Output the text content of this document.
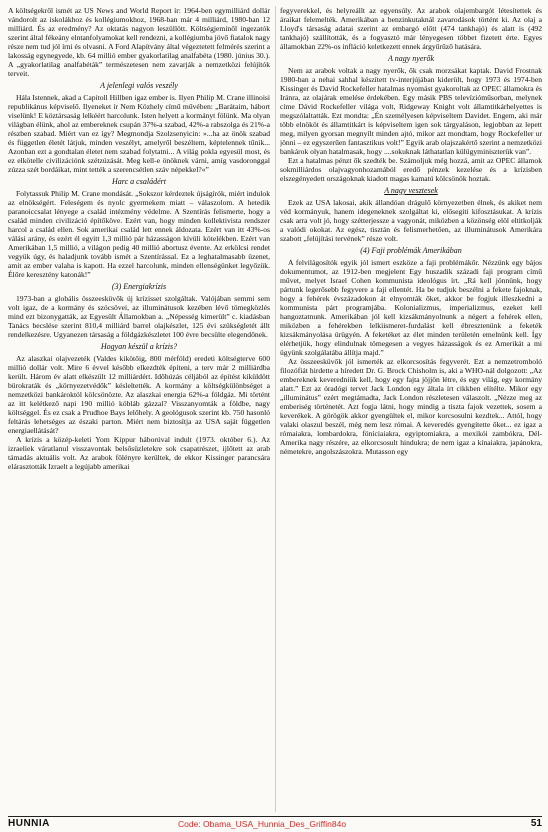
A költségekről ismét az US News and World Report ír: 1964-ben egymilliárd dollár vándorolt az iskolákhoz és kollégiumokhoz, 1968-ban már 4 milliárd, 1980-ban 12 milliárd. És az eredmény? Az oktatás nagyon leszüllött. Költségjeminől ingezatók szerint által fékeány elntanfolyamokat kell rendezni, a kollégiumba jövő fiatalok nagy része nem tud jól írni és olvasni. A Ford Alapítvány által végeztetett felmérés szerint a lakosság egynegyede, kb. 64 millió ember gyakorlatilag analfabéta (1980. június 30.). A „gyakorlatilag analfabéták” természetesen nem zavarják a nemzetközi felújítók terveit.

A jelenlegi valós veszély

Hála Istennek, akad a Capitoll Hillben igaz ember is. Ilyen Philip M. Crane illinoisi republikánus képviselő. Ilyeneket ír Nem Közhely című művében: „Barátaim, hábort viselünk! E köztársaság lelkéért harcolunk. Isten helyett a kormányt fölünk. Ma olyan világban élünk, ahol az embereknek csupán 37%-a szabad, 42%-a rabszolga és 21%-a részben szabad. Miért van ez így? Megmondja Szolzsenyicin: »...ha az önök szabad és független életét látjuk, minden veszélyt, amelyről beszéltem, képtelennek tűnik... Azonban ezt a gondtalan életet nem szabad folytatni... A világ pokla egyesül most, és ez elkötelle civilizációnk szétzúzását. Meg kell-e önöknek várni, amíg vasdoronggal zúzza szét bordáikat, mint tették a szerencsétlen száv népekkel?«”

Harc a családért

Folytassuk Philip M. Crane mondását. „Sokszor kérdeztek újságírók, miért indulok az elnökségért. Feleségem és nyolc gyermekem miatt – válaszolom. A hetedik paranoiccsalat lényege a család intézmény védelme. A Szentírás felismerte, hogy a család minden civilizáció építőköve. Ezért van, hogy minden kollektivista rendszer harcol a család ellen. Sok amerikai család lett ennek áldozata. Ezért van itt 43%-os válási arány, és ezért él egyitt 1,3 millió pár házasságon kívüli kötelékben. Ezért van Amerikában 1,5 millió, a világon pedig 40 millió abortusz évente. Az erkölcsi rendet vegyük úgy, és haladjunk tovább ismét a Szentírással. Ez a leghatalmasabb üzenet, amit az ember valaha is kapott. Ha ezzel harcolunk, minden ellenségünket legyőzük. Élőre keresztény katonák!”

(3) Energiakrízis

1973-ban a globális összeesküvők új krízisset szolgáltak. Valójában semmi sem volt igaz, de a kormány és szócsövei, az illuminátusok kezében lévő tömegközlés mind ezt bizonygatták, az Egyesült Államokban a. „Népesség kimerült” c. kiadásban Tanács becslése szerint 810,4 milliárd barrel olajkészlet, 125 évi szükségletét állt rendelkezésre. Ugyanezen társaság a földgázkészletet 100 évre becsülte elegendőnek.

Hogyan készül a krízis?

Az alaszkai olajvezeték (Valdes kikötőig, 800 mérföld) eredeti költségterve 600 millió dollár volt. Mire 6 évvel később elkezdték építeni, a terv már 2 milliárdba került. Három év alatt elkészült 12 milliárdért. Időhúzás céljából az építést kiküldött bürokraták és „környezetvédők” késleltették. A kormány a költségkülönbséget a nemzetközi bankároktól kölcsönözte. Az alaszkai energia 62%-a földgáz. Mi történt az itt kelétkező napi 190 millió köbláb gázzal? Visszanyomták a földbe, nagy költséggel. És ez csak a Prudhoe Bays lelőhely. A geológusok szerint kb. 750 hasonló feltárás lehetséges az északi parton. Miért nem biztosítja az USA saját független energiaellátását?

A krízis a közép-keleti Yom Kippur háborúval indult (1973. október 6.). Az izraeliek váratlanul visszavontak belsősüzletekre sok csapatrészet, ijlőtett az arab támadás aktuális volt. Az arabok fölényre kerültek, de ekkor Kissinger parancsára elárasztották Izraelt a legújabb amerikai

fegyverekkel, és helyreállt az egyensúly. Az arabok olajembargót létesítettek és áraikat felemelték. Amerikában a benzinkutaknál zavarodások történt ki. Az olaj a Lloyd's társaság adatai szerint az embargó előtt (474 tankhajó) és alatt is (492 tankhajó) szállították, és a fogyasztó már lényegesen többet fizetett érte. Egyes államokban 22%-os infláció keletkezett ennek árgyűrűző hatására.

A nagy nyerők

Nem az arabok voltak a nagy nyerők, ők csak morzsákat kaptak. David Frostnak 1980-ban a nehai sahhal készített tv-interjújában kiderült, hogy 1973 és 1974-ben Kissinger és David Rockefeller hatalmas nyomást gyakoroltak az OPEC államokra és Iránra, az olajárak emelése érdekében. Egy másik PBS televízióműsorban, melynek címe Dávid Rockefeller világa volt, Ridgeway Knight volt államtitkárhelyettes is megszólaltatták. Ezt mondta: „Én személyesen képviseltem Davidet. Engem, aki már több elnököt és államtitkárt is képviseltem igen sok tárgyaláson, legjobban az lepett meg, milyen gyorsan megnyílt minden ajtó, mikor azt mondtam, hogy Rockefeller ur jönni – ez egyszerűen fantasztikus volt!” Egyik arab olajszakértő szerint a nemzetközi bankárok olyan hatalmasak, hogy ....sokuknak láthatatlan külügyminiszterük van”.

Ezt a hatalmas pénzt ők szedték be. Számoljuk még hozzá, amit az OPEC államok sokmilliárdos olajvagyonhozamából eredő pénzek kezelése és a krízisben elszegényedett országoknak kiadott magas kamatú kölcsönök hoztak.

A nagy vesztesek

Ezek az USA lakosai, akik állandóan drágulő környezetben élnek, és akiket nem véd kormányuk, hanem idegeneknek szolgáltat ki, elősegíti kifosztásukat. A krízis csak arra volt jó, hogy szétterjessze a vagyonát, miközben a közönség elöl eltitkolják a valódi okokat. Az egész, tisztán és felismerhetően, az illuminátusok Amerikára szabott „felújítási tervének” része volt.

(4) Faji problémák Amerikában

A felvilágosítók egyik jól ismert eszköze a faji problémákőr. Nézzünk egy bájos dokumentumot, az 1912-ben megjelent Egy huszadik századi faji program című művet, melyet Israel Cohen kommunista ideológus írt. „Rá kell jönnünk, hogy pártunk legerősebb fegyvere a faji ellentét. Ha be tudjuk beszélni a fekete fajoknak, hogy a fehérek évszázadokon át elnyomták őket, akkor be fogjuk illeszkedni a kommunista párt programjába. Kolonializmus, imperializmus, ezeket kell hangoztatnunk. Amerikában jól kell kizsákmányolnunk a négert a fehérek ellen, miközben a fehérekben lelkiismeret-furdalást kell ébresztenünk a feketék kizsákmányolása ürügyén. A feketéket az élet minden területén emelnünk kell. Így elérhetjük, hogy elindulnak tömegesen a vegyes házasságok és ez Amerikát a mi ügyünk szolgálatába állítja majd.”

Az összeesküvők jól ismerték az elkorcsosítás fegyverét. Ezt a nemzetromboló filozófiát hirdette a híredett Dr. G. Brock Chisholm is, aki a WHO-nál dolgozott: „Az embereknek keveredniük kell, hogy egy fajta jöjjön létre, és egy világ, egy kormány alatt.” Ezt az óradógi tervet Jack London egy általa írt cikkben elítélte. Mikor egy „illuminátus” ezért megtámadta, Jack London részletesen válaszolt. „Nézze meg az emberiség történetét. Azt fogja látni, hogy mindig a tiszta fajok vezettek, sosem a keverékek. A görögök akkor gyengültek el, mikor korcsosulni kezdtek... Attól, hogy valaki olaszul beszél, még nem lesz római. A keveredés gyengítette őket... ez igaz a rómaiakra, lombardokra, föníciaiakra, egyiptomiakra, a mexikói zambókra, Dél-Amerika nagy részére, az elkorcsosult hindukra; de nem igaz a kínaiakra, japánokra, németekre, angolszászokra. Mutasson egy

HUNNIA	Code: Obama_USA_Hunnia_Des_Griffin84o	51
